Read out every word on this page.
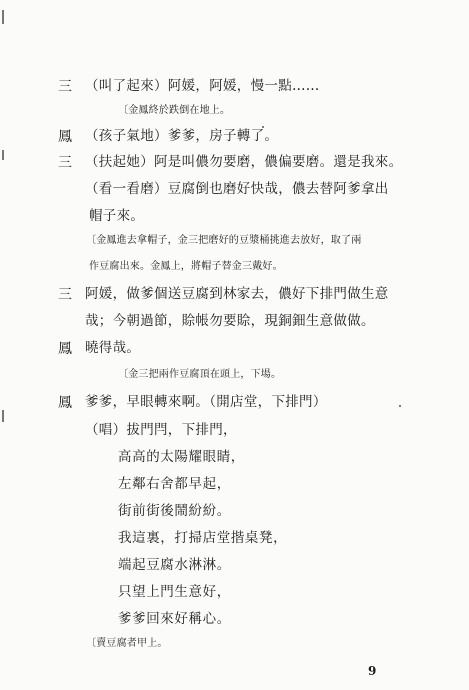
三 （叫了起來）阿媛，阿媛，慢一點……
〔金鳳終於跌倒在地上。
鳳 （孩子氣地）爹爹，房子轉了。
三 （扶起她）阿是叫儂勿要磨，儂偏要磨。還是我來。
（看一看磨）豆腐倒也磨好快哉，儂去替阿爹拿出
帽子來。
〔金鳳進去拿帽子，金三把磨好的豆漿桶挑進去放好，取了兩
作豆腐出來。金鳳上，將帽子替金三戴好。
三 阿媛，做爹個送豆腐到林家去，儂好下排門做生意
哉；今朝過節，賒帳勿要賒，現銅鈿生意做做。
鳳 曉得哉。
〔金三把兩作豆腐頂在頭上，下場。
鳳 爹爹，早眼轉來啊。（開店堂，下排門）
（唱）拔門閂，下排門，
高高的太陽耀眼睛，
左鄰右舍都早起，
街前街後鬧紛紛。
我這裏，打掃店堂揩桌凳，
端起豆腐水淋淋。
只望上門生意好，
爹爹回來好稱心。
〔賣豆腐者甲上。
9
